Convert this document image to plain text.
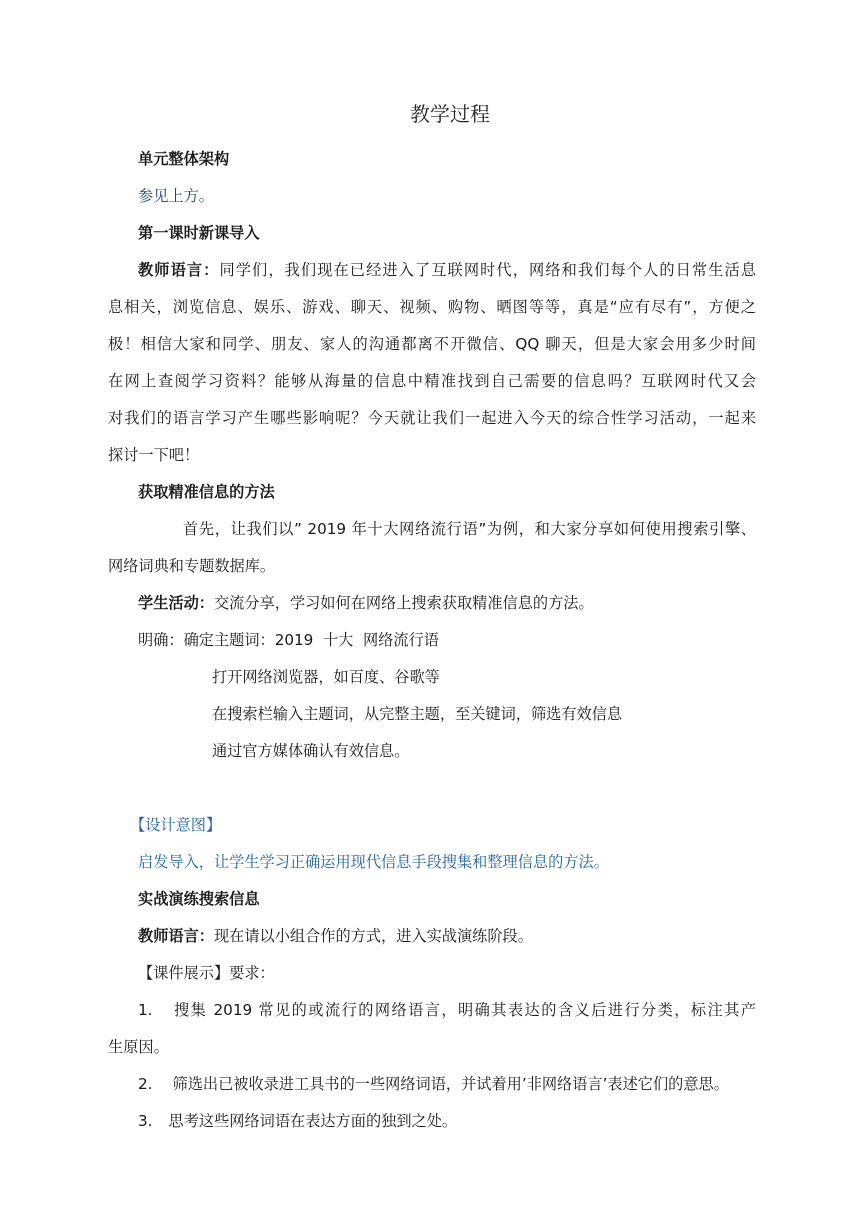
教学过程
单元整体架构
参见上方。
第一课时新课导入
教师语言：同学们，我们现在已经进入了互联网时代，网络和我们每个人的日常生活息
息相关，浏览信息、娱乐、游戏、聊天、视频、购物、晒图等等，真是“应有尽有”，方便之
极！相信大家和同学、朋友、家人的沟通都离不开微信、QQ 聊天，但是大家会用多少时间
在网上查阅学习资料？能够从海量的信息中精准找到自己需要的信息吗？互联网时代又会
对我们的语言学习产生哪些影响呢？今天就让我们一起进入今天的综合性学习活动，一起来
探讨一下吧！
获取精准信息的方法
首先，让我们以” 2019 年十大网络流行语”为例，和大家分享如何使用搜索引擎、
网络词典和专题数据库。
学生活动：交流分享，学习如何在网络上搜索获取精准信息的方法。
明确：确定主题词：2019  十大  网络流行语
打开网络浏览器，如百度、谷歌等
在搜索栏输入主题词，从完整主题，至关键词，筛选有效信息
通过官方媒体确认有效信息。
【设计意图】
启发导入，让学生学习正确运用现代信息手段搜集和整理信息的方法。
实战演练搜索信息
教师语言：现在请以小组合作的方式，进入实战演练阶段。
【课件展示】要求：
1. 搜集 2019 常见的或流行的网络语言，明确其表达的含义后进行分类，标注其产
生原因。
2. 筛选出已被收录进工具书的一些网络词语，并试着用’非网络语言’表述它们的意思。
3. 思考这些网络词语在表达方面的独到之处。
